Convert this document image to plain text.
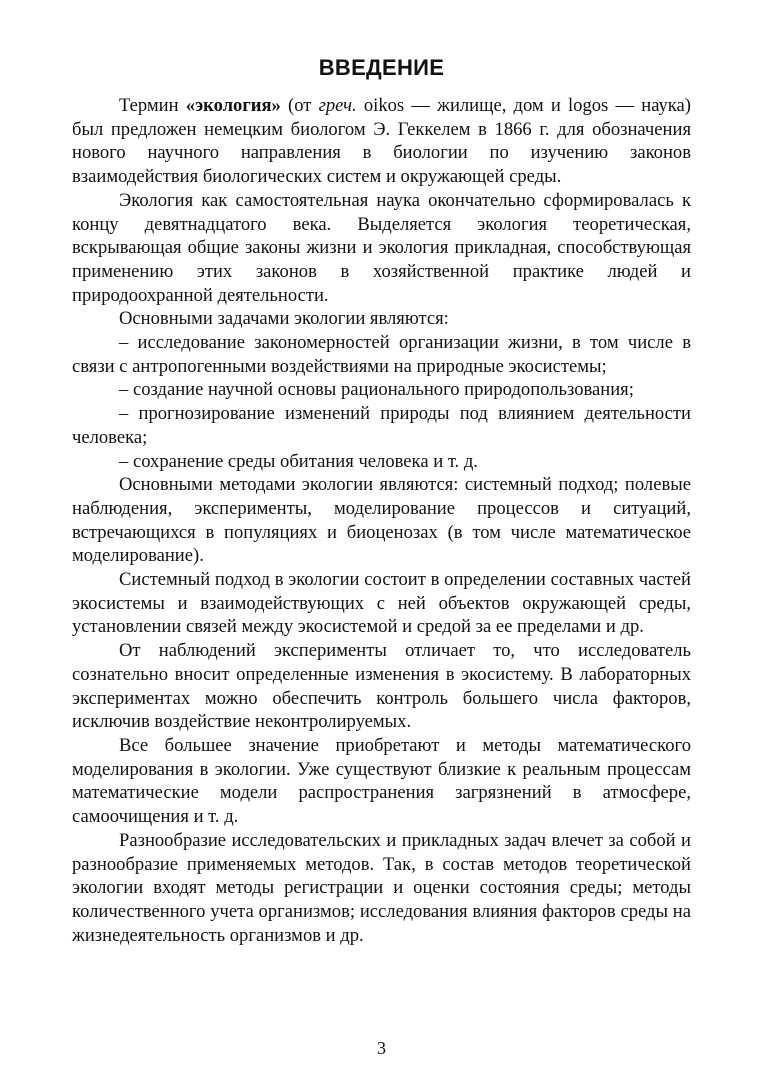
ВВЕДЕНИЕ

Термин «экология» (от греч. oikos — жилище, дом и logos — наука) был предложен немецким биологом Э. Геккелем в 1866 г. для обозначения нового научного направления в биологии по изучению законов взаимодействия биологических систем и окружающей среды.

Экология как самостоятельная наука окончательно сформировалась к концу девятнадцатого века. Выделяется экология теоретическая, вскрывающая общие законы жизни и экология прикладная, способствующая применению этих законов в хозяйственной практике людей и природоохранной деятельности.

Основными задачами экологии являются:

– исследование закономерностей организации жизни, в том числе в связи с антропогенными воздействиями на природные экосистемы;

– создание научной основы рационального природопользования;

– прогнозирование изменений природы под влиянием деятельности человека;

– сохранение среды обитания человека и т. д.

Основными методами экологии являются: системный подход; полевые наблюдения, эксперименты, моделирование процессов и ситуаций, встречающихся в популяциях и биоценозах (в том числе математическое моделирование).

Системный подход в экологии состоит в определении составных частей экосистемы и взаимодействующих с ней объектов окружающей среды, установлении связей между экосистемой и средой за ее пределами и др.

От наблюдений эксперименты отличает то, что исследователь сознательно вносит определенные изменения в экосистему. В лабораторных экспериментах можно обеспечить контроль большего числа факторов, исключив воздействие неконтролируемых.

Все большее значение приобретают и методы математического моделирования в экологии. Уже существуют близкие к реальным процессам математические модели распространения загрязнений в атмосфере, самоочищения и т. д.

Разнообразие исследовательских и прикладных задач влечет за собой и разнообразие применяемых методов. Так, в состав методов теоретической экологии входят методы регистрации и оценки состояния среды; методы количественного учета организмов; исследования влияния факторов среды на жизнедеятельность организмов и др.

3
